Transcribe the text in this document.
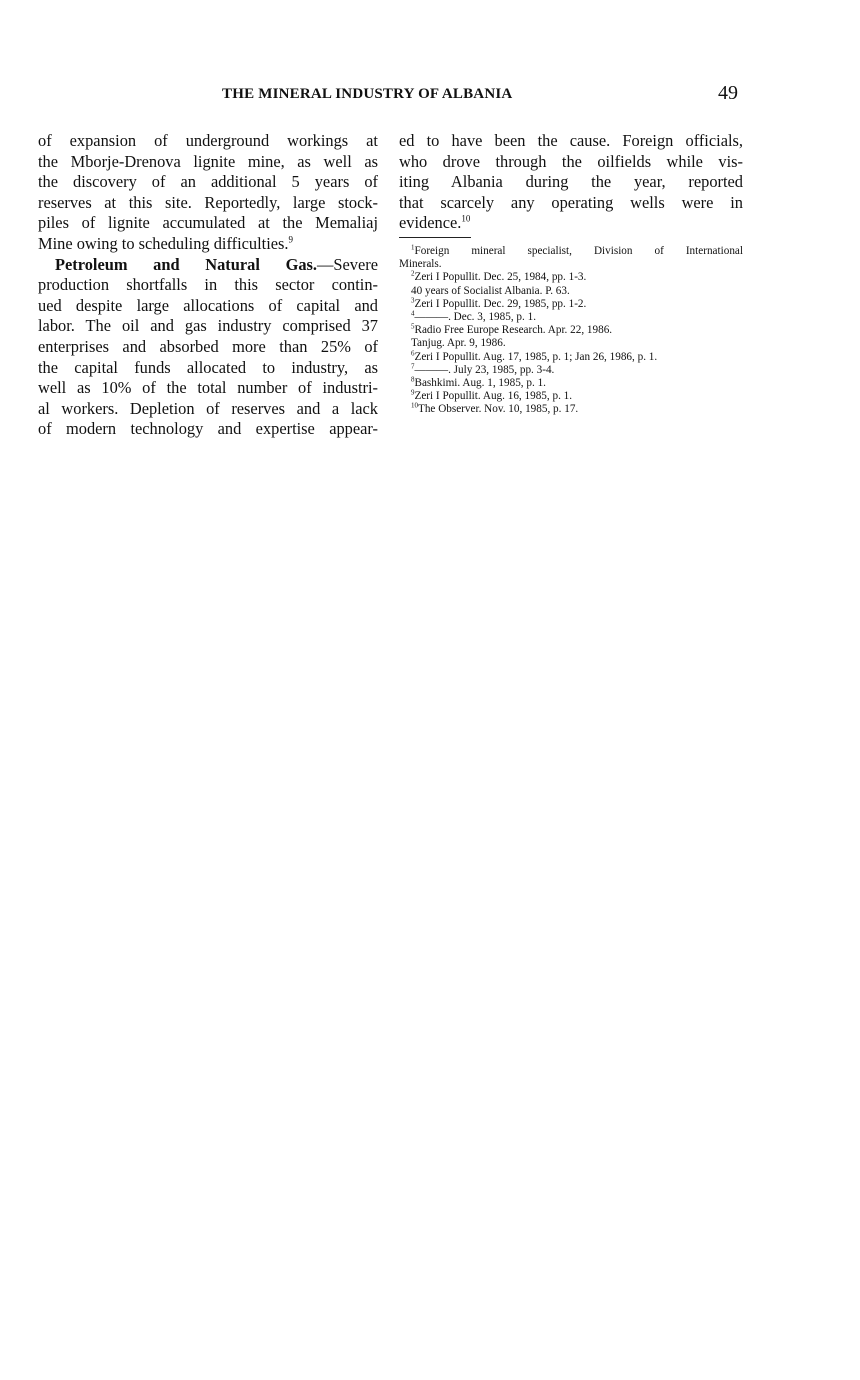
THE MINERAL INDUSTRY OF ALBANIA	49
of expansion of underground workings at
the Mborje-Drenova lignite mine, as well as
the discovery of an additional 5 years of
reserves at this site. Reportedly, large stock-
piles of lignite accumulated at the Memaliaj
Mine owing to scheduling difficulties.$^9$
Petroleum and Natural Gas.—Severe
production shortfalls in this sector contin-
ued despite large allocations of capital and
labor. The oil and gas industry comprised 37
enterprises and absorbed more than 25% of
the capital funds allocated to industry, as
well as 10% of the total number of industri-
al workers. Depletion of reserves and a lack
of modern technology and expertise appear-
ed to have been the cause. Foreign officials,
who drove through the oilfields while vis-
iting Albania during the year, reported
that scarcely any operating wells were in
evidence.$^{10}$
$^1$Foreign mineral specialist, Division of International
Minerals.
$^2$Zeri I Popullit. Dec. 25, 1984, pp. 1-3.
40 years of Socialist Albania. P. 63.
$^3$Zeri I Popullit. Dec. 29, 1985, pp. 1-2.
$^4$———. Dec. 3, 1985, p. 1.
$^5$Radio Free Europe Research. Apr. 22, 1986.
Tanjug. Apr. 9, 1986.
$^6$Zeri I Popullit. Aug. 17, 1985, p. 1; Jan 26, 1986, p. 1.
$^7$———. July 23, 1985, pp. 3-4.
$^8$Bashkimi. Aug. 1, 1985, p. 1.
$^9$Zeri I Popullit. Aug. 16, 1985, p. 1.
$^{10}$The Observer. Nov. 10, 1985, p. 17.
